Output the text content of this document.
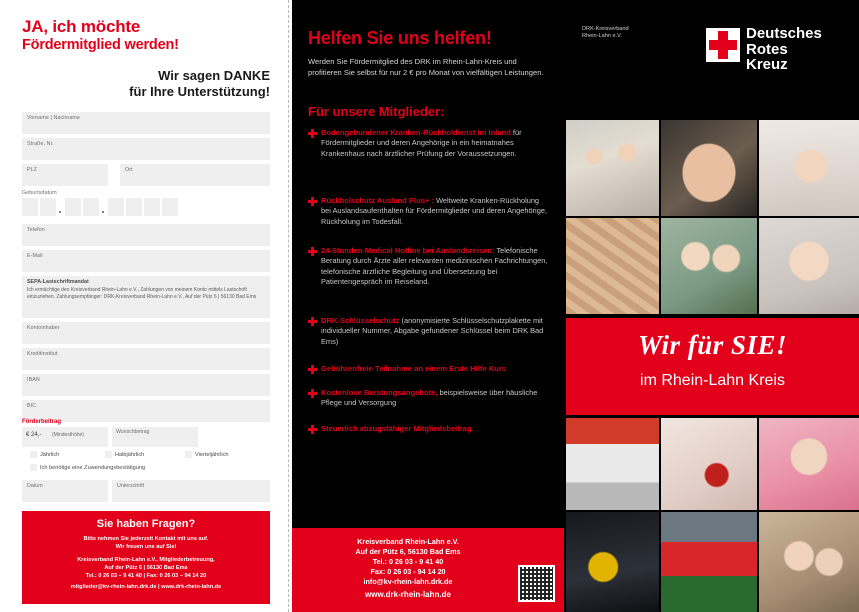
JA, ich möchte
Fördermitglied werden!
Wir sagen DANKE
für Ihre Unterstützung!
Vorname | Nachname
Straße, Nr.
PLZ	Ort
Geburtsdatum
Telefon
E-Mail
SEPA-Lastschriftmandat
Ich ermächtige den Kreisverband Rhein-Lahn e.V., Zahlungen von meinem Konto mittels Lastschrift einzuziehen. Zahlungsempfänger: DRK-Kreisverband Rhein-Lahn e.V., Auf der Pütz 6 | 56130 Bad Ems
Kontoinhaber
Kreditinstitut
IBAN
BIC
Förderbeitrag
€ 24,- (Mindesthöhe)	Wunschbetrag
Jährlich	Halbjährlich	Vierteljährlich
Ich benötige eine Zuwendungsbestätigung
Datum	Unterschrift
Sie haben Fragen?
Bitte nehmen Sie jederzeit Kontakt mit uns auf.
Wir freuen uns auf Sie!
Kreisverband Rhein-Lahn e.V., Mitgliederbetreuung,
Auf der Pütz 6 | 56130 Bad Ems
Tel.: 0 26 03 – 9 41 40 | Fax: 0 26 03 – 94 14 20
mitglieder@kv-rhein-lahn.drk.de | www.drk-rhein-lahn.de
Helfen Sie uns helfen!
Werden Sie Fördermitglied des DRK im Rhein-Lahn-Kreis und profitieren Sie selbst für nur 2 € pro Monat von vielfältigen Leistungen.
Für unsere Mitglieder:
Bodengebundener Kranken-Rückholdienst im Inland für Fördermitglieder und deren Angehörige in ein heimatnahes Krankenhaus nach ärztlicher Prüfung der Voraussetzungen.
Rückholschutz Ausland Plus+ : Weltweite Kranken-Rückholung bei Auslandsaufenthalten für Fördermitglieder und deren Angehörige, Rückholung im Todesfall.
24-Stunden-Medical Hotline bei Auslandsreisen: Telefonische Beratung durch Ärzte aller relevanten medizinischen Fachrichtungen, telefonische ärztliche Begleitung und Übersetzung bei Patientengespräch im Reiseland.
DRK-Schlüsselschutz (anonymisierte Schlüsselschutzplakette mit individueller Nummer, Abgabe gefundener Schlüssel beim DRK Bad Ems)
Gebührenfreie Teilnahme an einem Erste Hilfe Kurs
Kostenlose Beratungsangebote, beispielsweise über häusliche Pflege und Versorgung
Steuerlich abzugsfähiger Mitgliedsbeitrag
Kreisverband Rhein-Lahn e.V.
Auf der Pütz 6, 56130 Bad Ems
Tel.: 0 26 03 - 9 41 40
Fax: 0 26 03 - 94 14 20
info@kv-rhein-lahn.drk.de
www.drk-rhein-lahn.de
DRK-Kreisverband
Rhein-Lahn e.V.	Deutsches
Rotes
Kreuz
Wir für SIE!
im Rhein-Lahn Kreis
